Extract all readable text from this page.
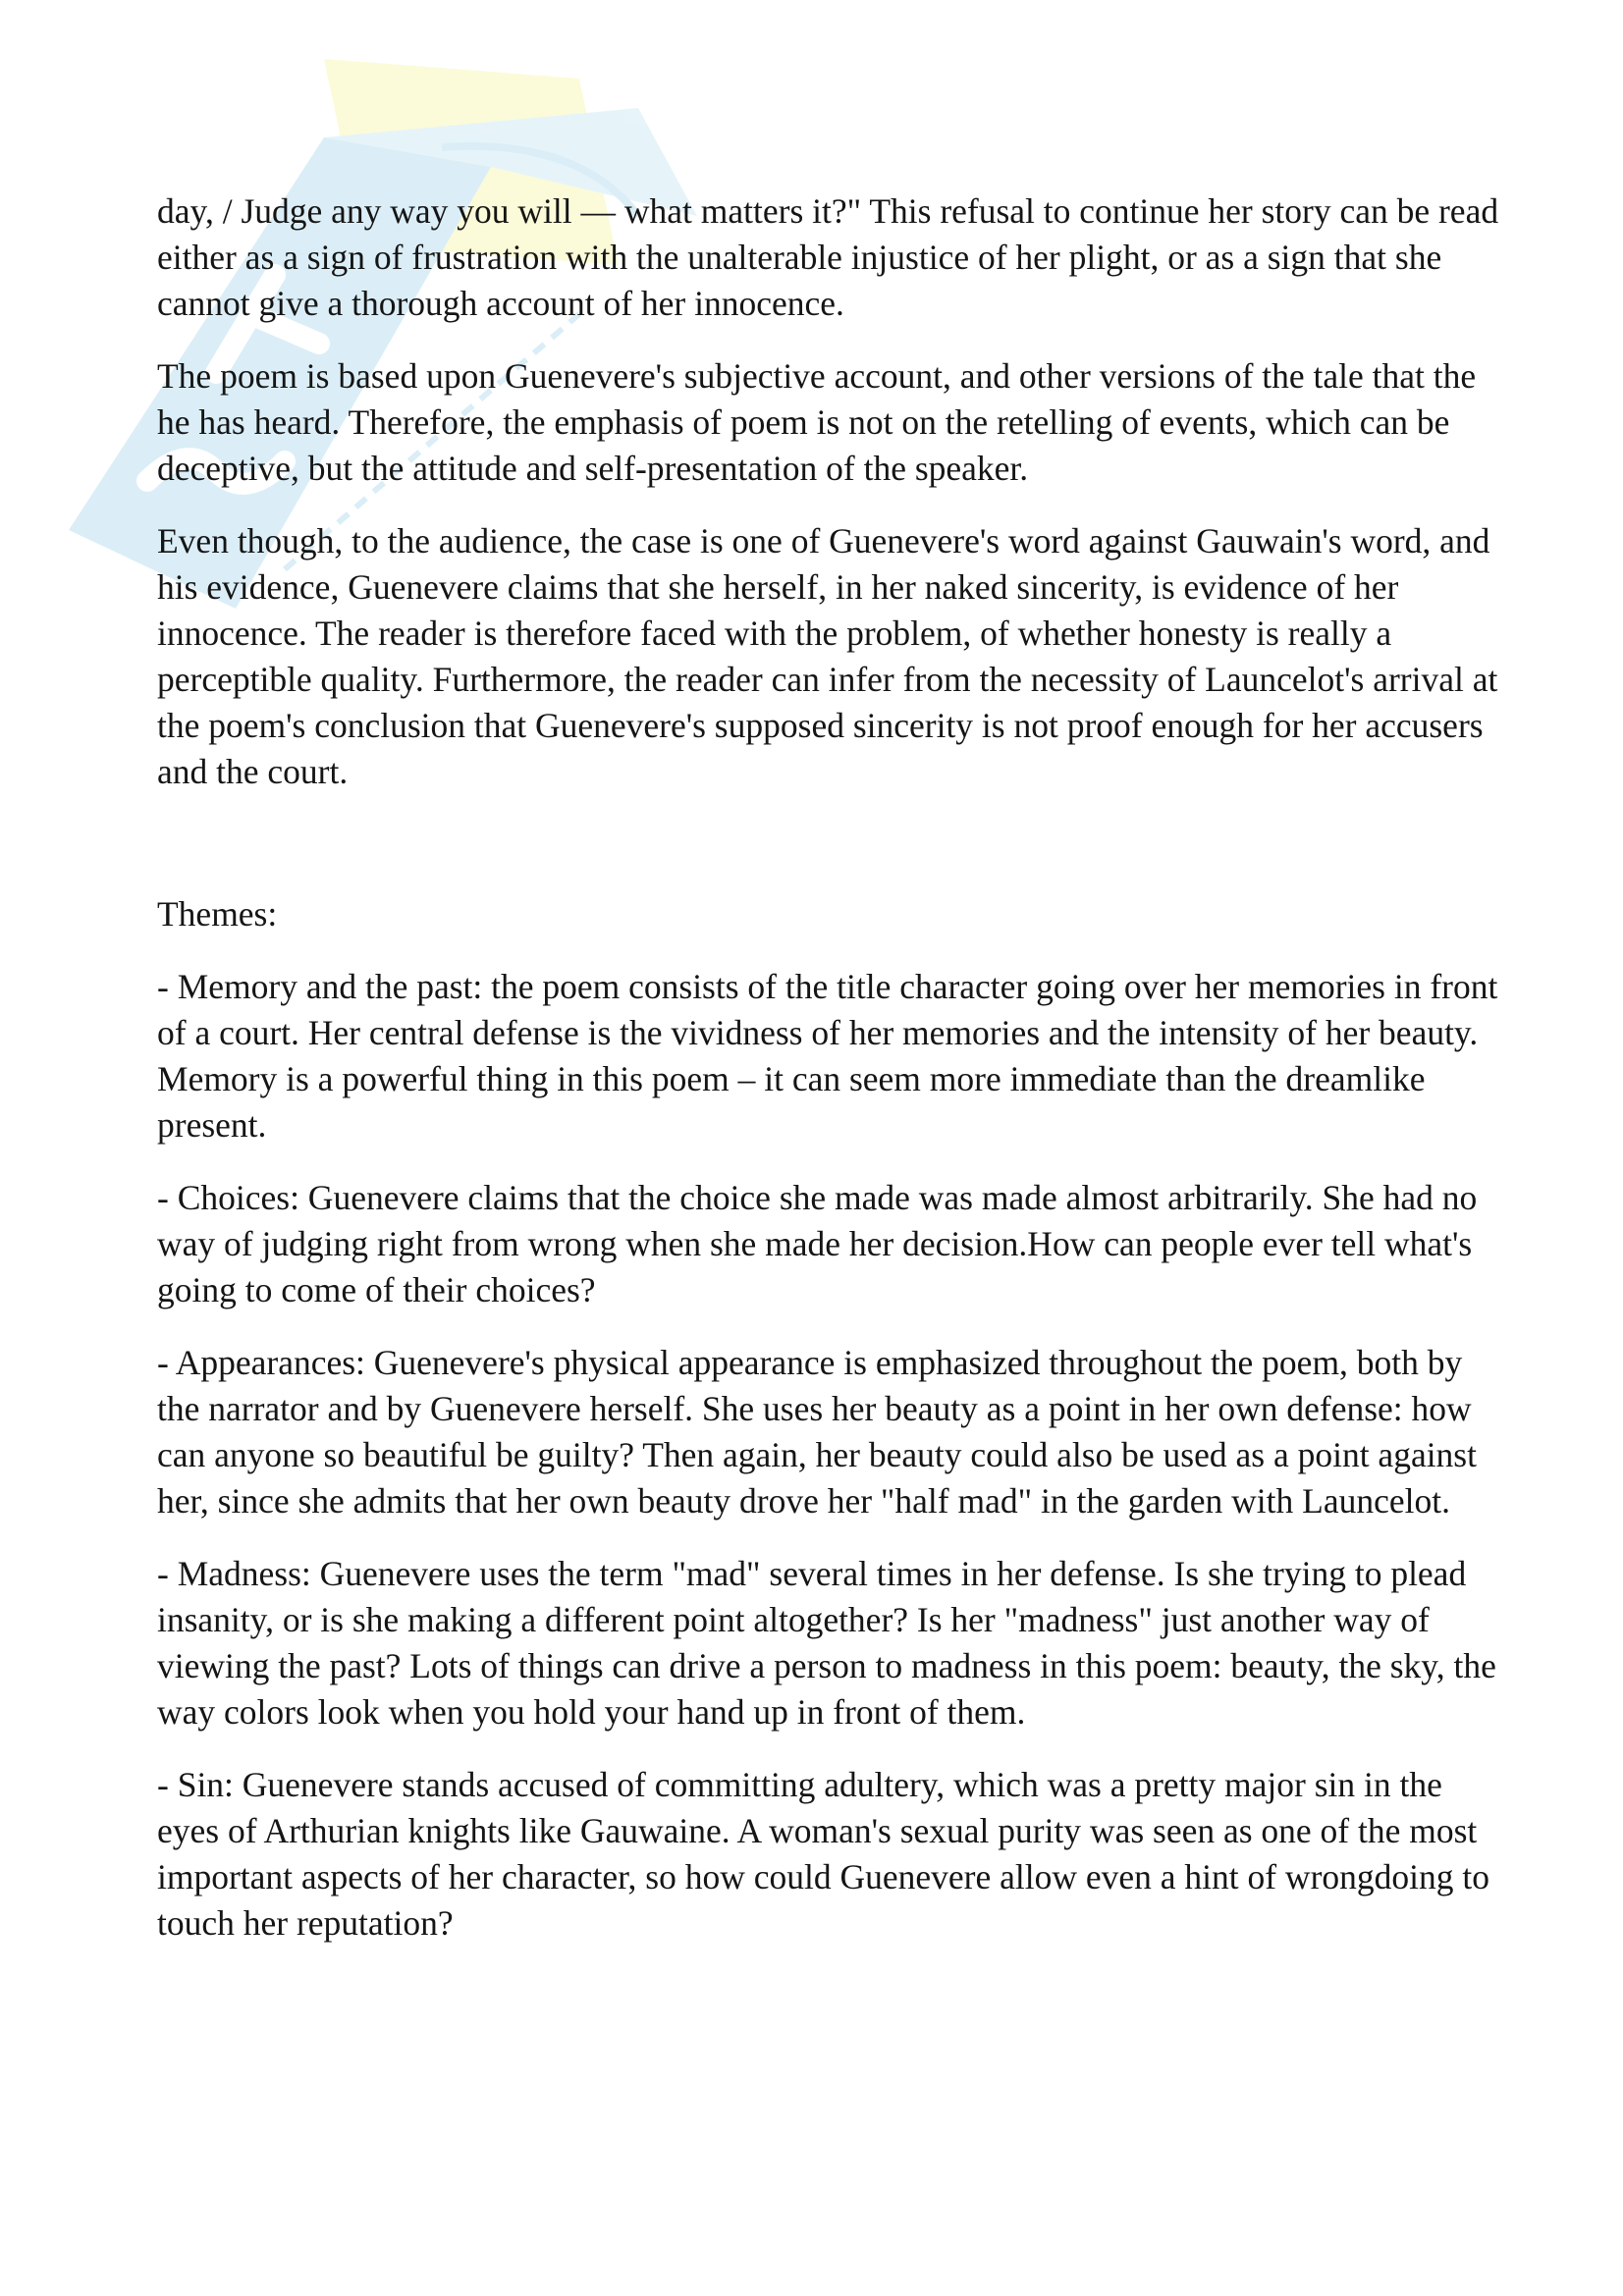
day, / Judge any way you will — what matters it?" This refusal to continue her story can be read either as a sign of frustration with the unalterable injustice of her plight, or as a sign that she cannot give a thorough account of her innocence.

The poem is based upon Guenevere's subjective account, and other versions of the tale that the he has heard. Therefore, the emphasis of poem is not on the retelling of events, which can be deceptive, but the attitude and self-presentation of the speaker.

Even though, to the audience, the case is one of Guenevere's word against Gauwain's word, and his evidence, Guenevere claims that she herself, in her naked sincerity, is evidence of her innocence. The reader is therefore faced with the problem, of whether honesty is really a perceptible quality. Furthermore, the reader can infer from the necessity of Launcelot's arrival at the poem's conclusion that Guenevere's supposed sincerity is not proof enough for her accusers and the court.

Themes:

- Memory and the past: the poem consists of the title character going over her memories in front of a court. Her central defense is the vividness of her memories and the intensity of her beauty. Memory is a powerful thing in this poem – it can seem more immediate than the dreamlike present.

- Choices: Guenevere claims that the choice she made was made almost arbitrarily. She had no way of judging right from wrong when she made her decision.How can people ever tell what's going to come of their choices?

- Appearances: Guenevere's physical appearance is emphasized throughout the poem, both by the narrator and by Guenevere herself. She uses her beauty as a point in her own defense: how can anyone so beautiful be guilty? Then again, her beauty could also be used as a point against her, since she admits that her own beauty drove her "half mad" in the garden with Launcelot.

- Madness: Guenevere uses the term "mad" several times in her defense. Is she trying to plead insanity, or is she making a different point altogether? Is her "madness" just another way of viewing the past? Lots of things can drive a person to madness in this poem: beauty, the sky, the way colors look when you hold your hand up in front of them.

- Sin: Guenevere stands accused of committing adultery, which was a pretty major sin in the eyes of Arthurian knights like Gauwaine. A woman's sexual purity was seen as one of the most important aspects of her character, so how could Guenevere allow even a hint of wrongdoing to touch her reputation?
